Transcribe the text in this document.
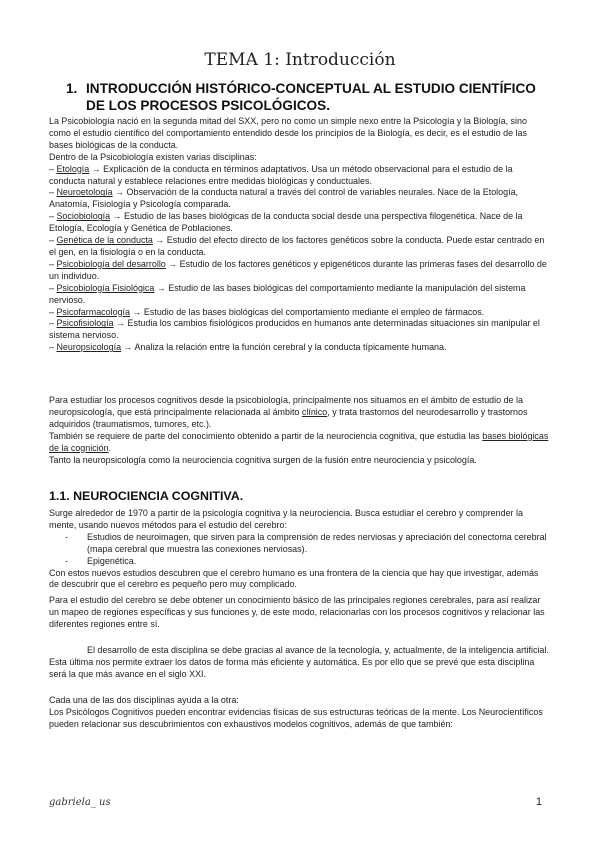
TEMA 1: Introducción
1. INTRODUCCIÓN HISTÓRICO-CONCEPTUAL AL ESTUDIO CIENTÍFICO DE LOS PROCESOS PSICOLÓGICOS.

La Psicobiología nació en la segunda mitad del SXX, pero no como un simple nexo entre la Psicología y la Biología, sino como el estudio científico del comportamiento entendido desde los principios de la Biología, es decir, es el estudio de las bases biológicas de la conducta.

Dentro de la Psicobiología existen varias disciplinas:

– Etología → Explicación de la conducta en términos adaptativos. Usa un método observacional para el estudio de la conducta natural y establece relaciones entre medidas biológicas y conductuales.

– Neuroetología → Observación de la conducta natural a través del control de variables neurales. Nace de la Etología, Anatomía, Fisiología y Psicología comparada.

– Sociobiología → Estudio de las bases biológicas de la conducta social desde una perspectiva filogenética. Nace de la Etología, Ecología y Genética de Poblaciones.

– Genética de la conducta → Estudio del efecto directo de los factores genéticos sobre la conducta. Puede estar centrado en el gen, en la fisiología o en la conducta.

– Psicobiología del desarrollo → Estudio de los factores genéticos y epigenéticos durante las primeras fases del desarrollo de un individuo.

– Psicobiología Fisiológica → Estudio de las bases biológicas del comportamiento mediante la manipulación del sistema nervioso.

– Psicofarmacología → Estudio de las bases biológicas del comportamiento mediante el empleo de fármacos.

– Psicofisiología → Estudia los cambios fisiológicos producidos en humanos ante determinadas situaciones sin manipular el sistema nervioso.

– Neuropsicología → Analiza la relación entre la función cerebral y la conducta típicamente humana.

Para estudiar los procesos cognitivos desde la psicobiología, principalmente nos situamos en el ámbito de estudio de la neuropsicología, que está principalmente relacionada al ámbito clínico, y trata trastornos del neurodesarrollo y trastornos adquiridos (traumatismos, tumores, etc.).

También se requiere de parte del conocimiento obtenido a partir de la neurociencia cognitiva, que estudia las bases biológicas de la cognición.

Tanto la neuropsicología como la neurociencia cognitiva surgen de la fusión entre neurociencia y psicología.

1.1. NEUROCIENCIA COGNITIVA.

Surge alrededor de 1970 a partir de la psicología cognitiva y la neurociencia. Busca estudiar el cerebro y comprender la mente, usando nuevos métodos para el estudio del cerebro:

- Estudios de neuroimagen, que sirven para la comprensión de redes nerviosas y apreciación del conectoma cerebral (mapa cerebral que muestra las conexiones nerviosas).
- Epigenética.

Con estos nuevos estudios descubren que el cerebro humano es una frontera de la ciencia que hay que investigar, además de descubrir que el cerebro es pequeño pero muy complicado.

Para el estudio del cerebro se debe obtener un conocimiento básico de las principales regiones cerebrales, para así realizar un mapeo de regiones específicas y sus funciones y, de este modo, relacionarlas con los procesos cognitivos y relacionar las diferentes regiones entre sí.

El desarrollo de esta disciplina se debe gracias al avance de la tecnología, y, actualmente, de la inteligencia artificial. Esta última nos permite extraer los datos de forma más eficiente y automática. Es por ello que se prevé que esta disciplina será la que más avance en el siglo XXI.

Cada una de las dos disciplinas ayuda a la otra:

Los Psicólogos Cognitivos pueden encontrar evidencias físicas de sus estructuras teóricas de la mente. Los Neurocientíficos pueden relacionar sus descubrimientos con exhaustivos modelos cognitivos, además de que también:

gabriela_ us	1
